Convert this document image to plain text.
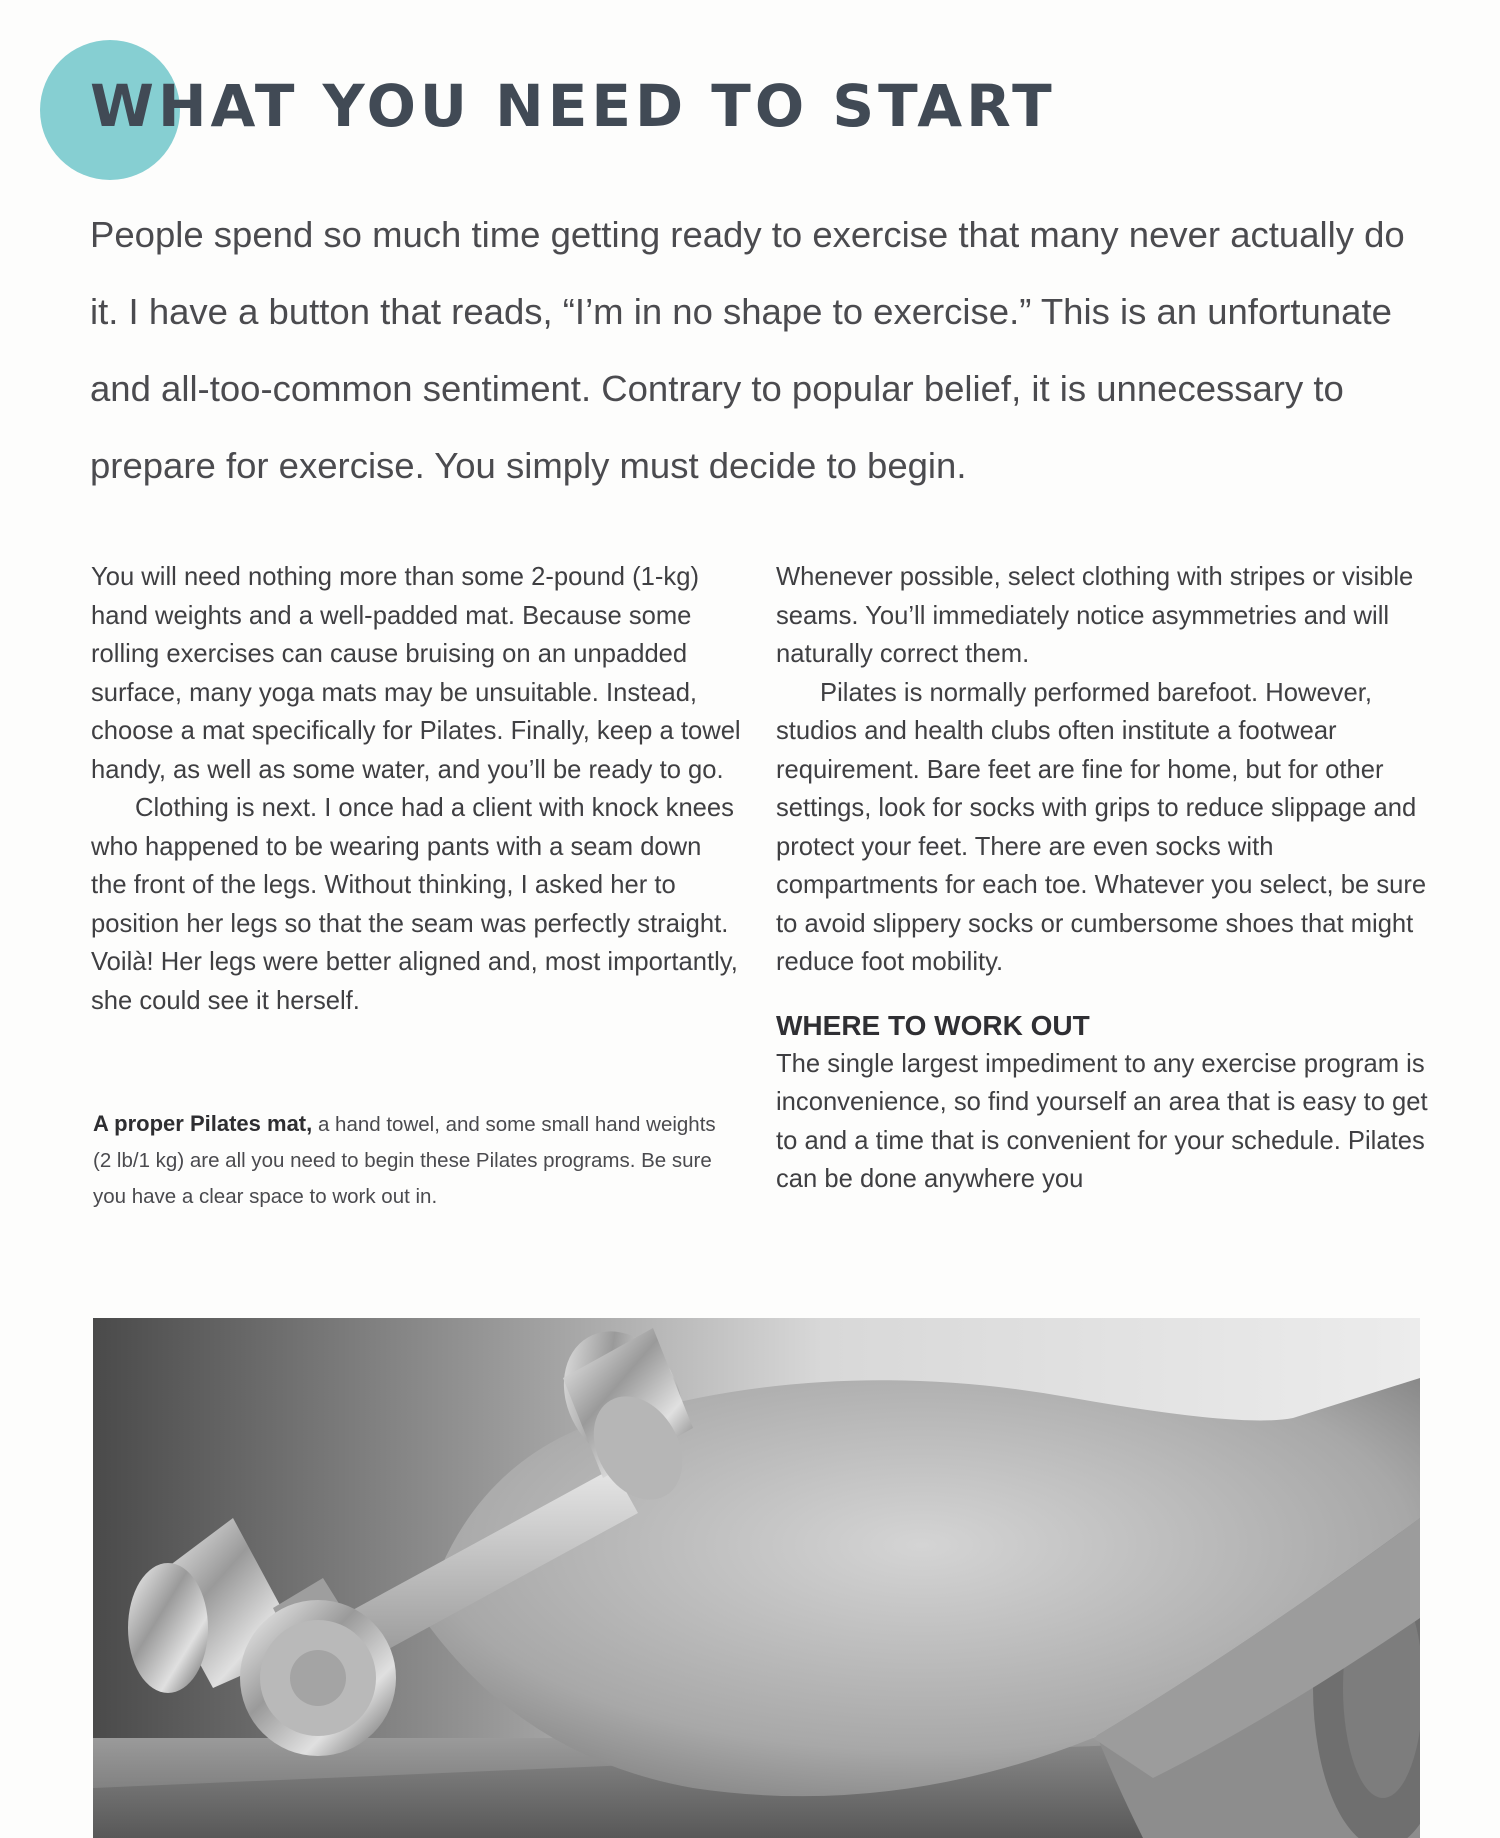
WHAT YOU NEED TO START

People spend so much time getting ready to exercise that many never actually do it. I have a button that reads, “I’m in no shape to exercise.” This is an unfortunate and all-too-common sentiment. Contrary to popular belief, it is unnecessary to prepare for exercise. You simply must decide to begin.

You will need nothing more than some 2-pound (1-kg) hand weights and a well-padded mat. Because some rolling exercises can cause bruising on an unpadded surface, many yoga mats may be unsuitable. Instead, choose a mat specifically for Pilates. Finally, keep a towel handy, as well as some water, and you’ll be ready to go.

Clothing is next. I once had a client with knock knees who happened to be wearing pants with a seam down the front of the legs. Without thinking, I asked her to position her legs so that the seam was perfectly straight. Voilà! Her legs were better aligned and, most importantly, she could see it herself.

A proper Pilates mat, a hand towel, and some small hand weights (2 lb/1 kg) are all you need to begin these Pilates programs. Be sure you have a clear space to work out in.

Whenever possible, select clothing with stripes or visible seams. You’ll immediately notice asymmetries and will naturally correct them.

Pilates is normally performed barefoot. However, studios and health clubs often institute a footwear requirement. Bare feet are fine for home, but for other settings, look for socks with grips to reduce slippage and protect your feet. There are even socks with compartments for each toe. Whatever you select, be sure to avoid slippery socks or cumbersome shoes that might reduce foot mobility.

WHERE TO WORK OUT

The single largest impediment to any exercise program is inconvenience, so find yourself an area that is easy to get to and a time that is convenient for your schedule. Pilates can be done anywhere you
